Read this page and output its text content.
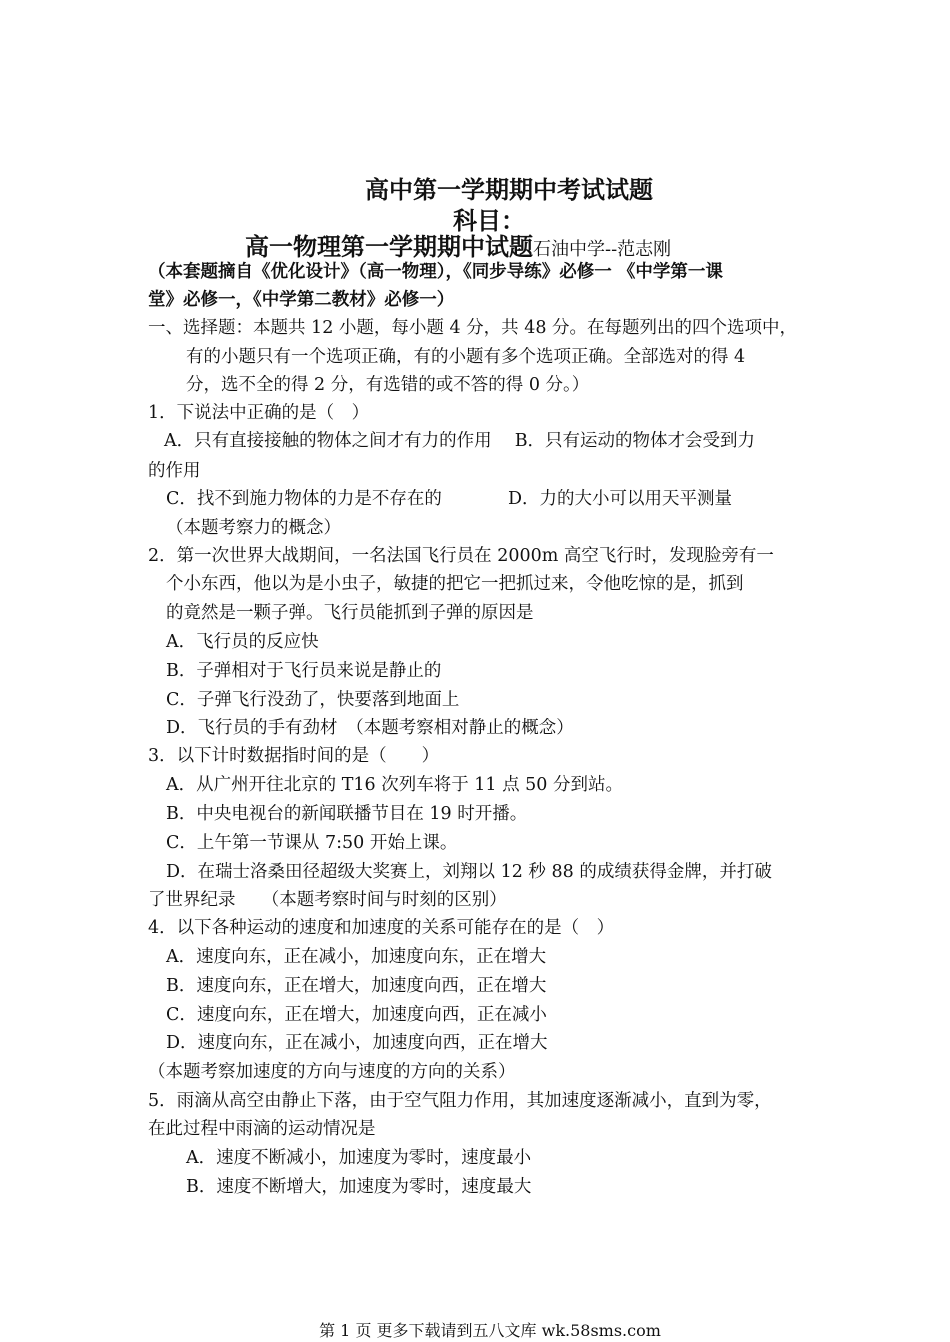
高中第一学期期中考试试题
科目：
高一物理第一学期期中试题石油中学--范志刚
（本套题摘自《优化设计》（高一物理），《同步导练》必修一 《中学第一课
堂》必修一，《中学第二教材》必修一）
一、选择题：本题共 12 小题，每小题 4 分，共 48 分。在每题列出的四个选项中，
有的小题只有一个选项正确，有的小题有多个选项正确。全部选对的得 4
分，选不全的得 2 分，有选错的或不答的得 0 分。）
1．下说法中正确的是（　）
A．只有直接接触的物体之间才有力的作用　 B．只有运动的物体才会受到力
的作用
C．找不到施力物体的力是不存在的	D．力的大小可以用天平测量
（本题考察力的概念）
2．第一次世界大战期间，一名法国飞行员在 2000m 高空飞行时，发现脸旁有一
个小东西，他以为是小虫子，敏捷的把它一把抓过来，令他吃惊的是，抓到
的竟然是一颗子弹。飞行员能抓到子弹的原因是
A．飞行员的反应快
B．子弹相对于飞行员来说是静止的
C．子弹飞行没劲了，快要落到地面上
D．飞行员的手有劲材　（本题考察相对静止的概念）
3．以下计时数据指时间的是（　　）
A．从广州开往北京的 T16 次列车将于 11 点 50 分到站。
B．中央电视台的新闻联播节目在 19 时开播。
C．上午第一节课从 7:50 开始上课。
D．在瑞士洛桑田径超级大奖赛上，刘翔以 12 秒 88 的成绩获得金牌，并打破
了世界纪录　　（本题考察时间与时刻的区别）
4．以下各种运动的速度和加速度的关系可能存在的是（　）
A．速度向东，正在减小，加速度向东，正在增大
B．速度向东，正在增大，加速度向西，正在增大
C．速度向东，正在增大，加速度向西，正在减小
D．速度向东，正在减小，加速度向西，正在增大
（本题考察加速度的方向与速度的方向的关系）
5．雨滴从高空由静止下落，由于空气阻力作用，其加速度逐渐减小，直到为零，
在此过程中雨滴的运动情况是
A．速度不断减小，加速度为零时，速度最小
B．速度不断增大，加速度为零时，速度最大
第 1 页 更多下载请到五八文库 wk.58sms.com
